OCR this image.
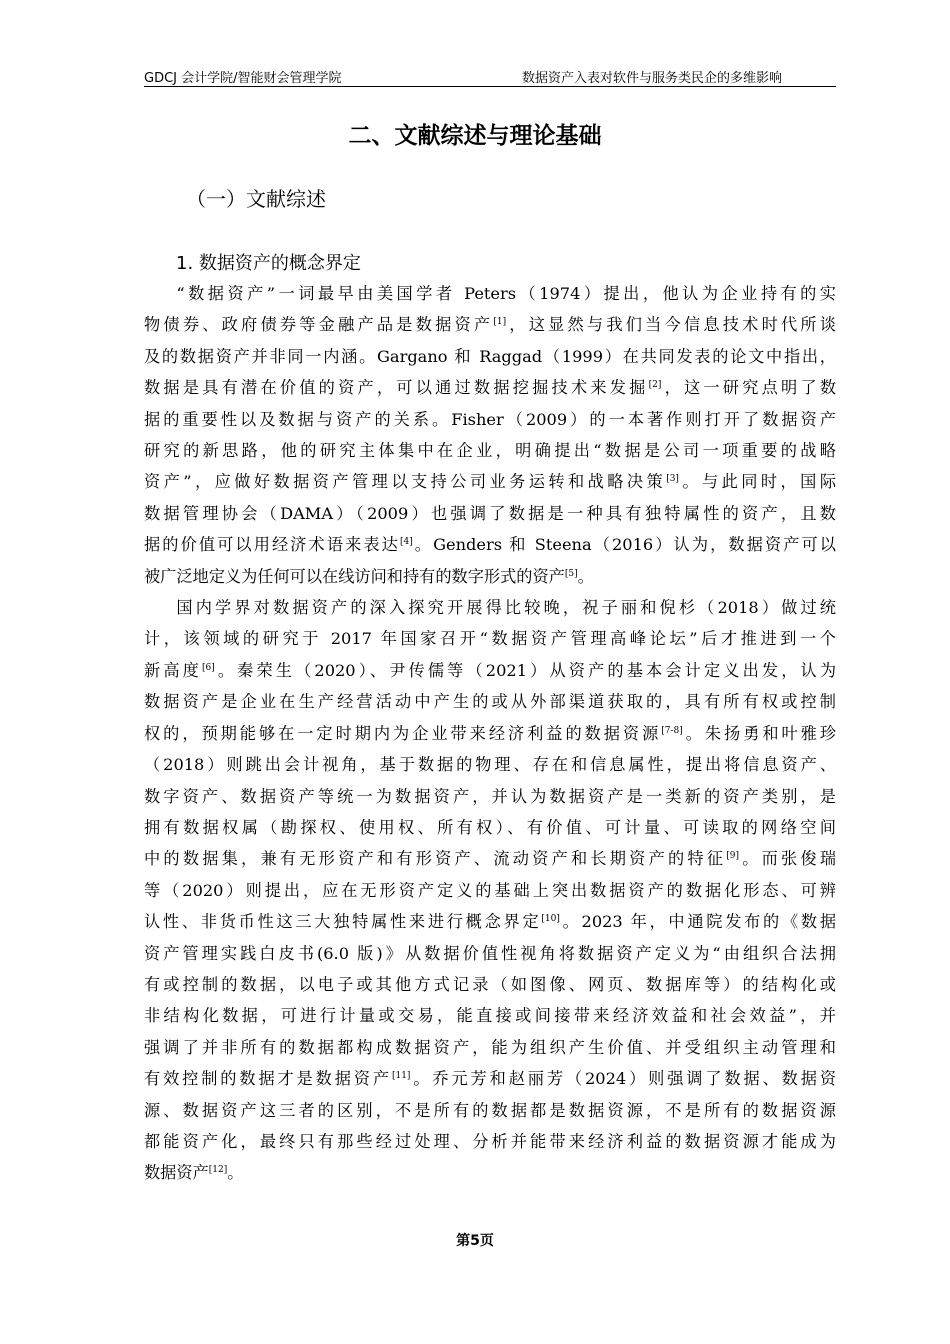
GDCJ 会计学院/智能财会管理学院	数据资产入表对软件与服务类民企的多维影响
二、文献综述与理论基础
（一）文献综述
1. 数据资产的概念界定
“数据资产”一词最早由美国学者 Peters（1974）提出，他认为企业持有的实
物债券、政府债券等金融产品是数据资产[1]，这显然与我们当今信息技术时代所谈
及的数据资产并非同一内涵。Gargano 和 Raggad（1999）在共同发表的论文中指出，
数据是具有潜在价值的资产，可以通过数据挖掘技术来发掘[2]，这一研究点明了数
据的重要性以及数据与资产的关系。Fisher（2009）的一本著作则打开了数据资产
研究的新思路，他的研究主体集中在企业，明确提出“数据是公司一项重要的战略
资产”，应做好数据资产管理以支持公司业务运转和战略决策[3]。与此同时，国际
数据管理协会（DAMA）（2009）也强调了数据是一种具有独特属性的资产，且数
据的价值可以用经济术语来表达[4]。Genders 和 Steena（2016）认为，数据资产可以
被广泛地定义为任何可以在线访问和持有的数字形式的资产[5]。
国内学界对数据资产的深入探究开展得比较晚，祝子丽和倪杉（2018）做过统
计，该领域的研究于 2017 年国家召开“数据资产管理高峰论坛”后才推进到一个
新高度[6]。秦荣生（2020）、尹传儒等（2021）从资产的基本会计定义出发，认为
数据资产是企业在生产经营活动中产生的或从外部渠道获取的，具有所有权或控制
权的，预期能够在一定时期内为企业带来经济利益的数据资源[7-8]。朱扬勇和叶雅珍
（2018）则跳出会计视角，基于数据的物理、存在和信息属性，提出将信息资产、
数字资产、数据资产等统一为数据资产，并认为数据资产是一类新的资产类别，是
拥有数据权属（勘探权、使用权、所有权）、有价值、可计量、可读取的网络空间
中的数据集，兼有无形资产和有形资产、流动资产和长期资产的特征[9]。而张俊瑞
等（2020）则提出，应在无形资产定义的基础上突出数据资产的数据化形态、可辨
认性、非货币性这三大独特属性来进行概念界定[10]。2023 年，中通院发布的《数据
资产管理实践白皮书(6.0 版)》从数据价值性视角将数据资产定义为“由组织合法拥
有或控制的数据，以电子或其他方式记录（如图像、网页、数据库等）的结构化或
非结构化数据，可进行计量或交易，能直接或间接带来经济效益和社会效益”，并
强调了并非所有的数据都构成数据资产，能为组织产生价值、并受组织主动管理和
有效控制的数据才是数据资产[11]。乔元芳和赵丽芳（2024）则强调了数据、数据资
源、数据资产这三者的区别，不是所有的数据都是数据资源，不是所有的数据资源
都能资产化，最终只有那些经过处理、分析并能带来经济利益的数据资源才能成为
数据资产[12]。
第5页
